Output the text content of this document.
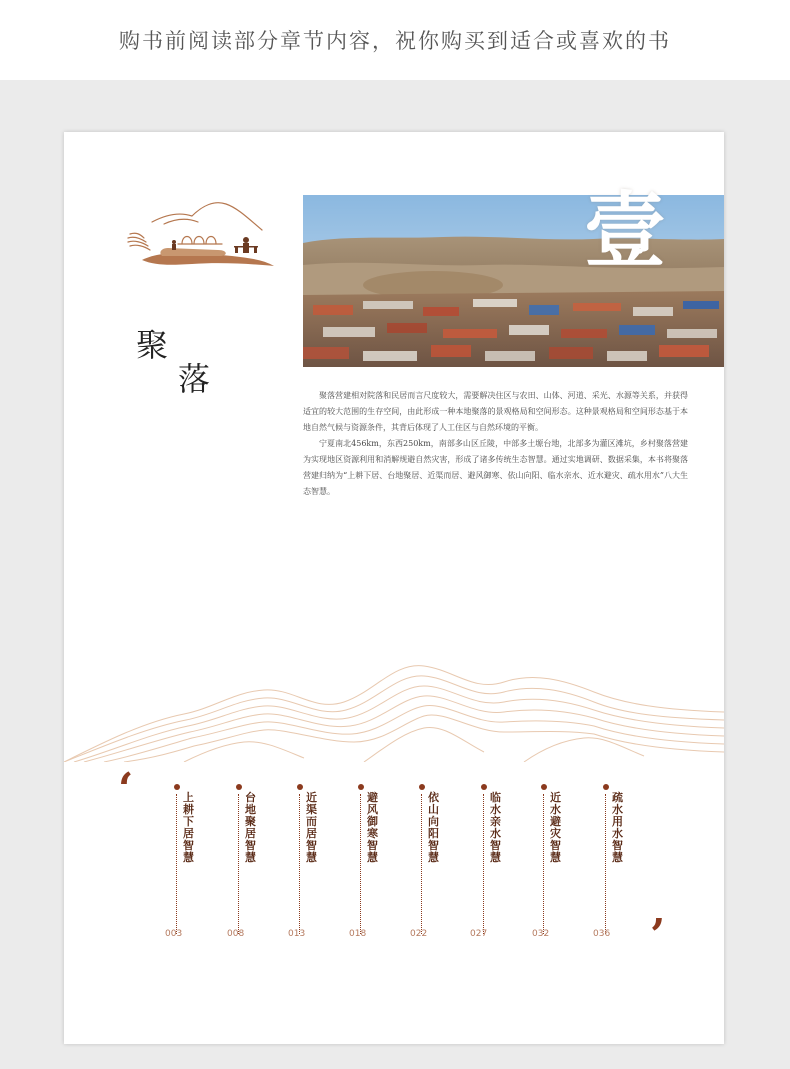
购书前阅读部分章节内容，祝你购买到适合或喜欢的书
聚
落
壹

聚落营建相对院落和民居而言尺度较大，需要解决住区与农田、山体、河道、采光、水源等关系，并获得适宜的较大范围的生存空间，由此形成一种本地聚落的景观格局和空间形态。这种景观格局和空间形态基于本地自然气候与资源条件，其背后体现了人工住区与自然环境的平衡。

宁夏南北456km，东西250km，南部多山区丘陵，中部多土塬台地，北部多为灌区滩坑，乡村聚落营建为实现地区资源利用和消解规避自然灾害，形成了诸多传统生态智慧。通过实地调研、数据采集，本书将聚落营建归纳为“上耕下居、台地聚居、近渠而居、避风御寒、依山向阳、临水亲水、近水避灾、疏水用水”八大生态智慧。

‘
’
上耕下居智慧
003
台地聚居智慧
008
近渠而居智慧
013
避风御寒智慧
018
依山向阳智慧
022
临水亲水智慧
027
近水避灾智慧
032
疏水用水智慧
036
